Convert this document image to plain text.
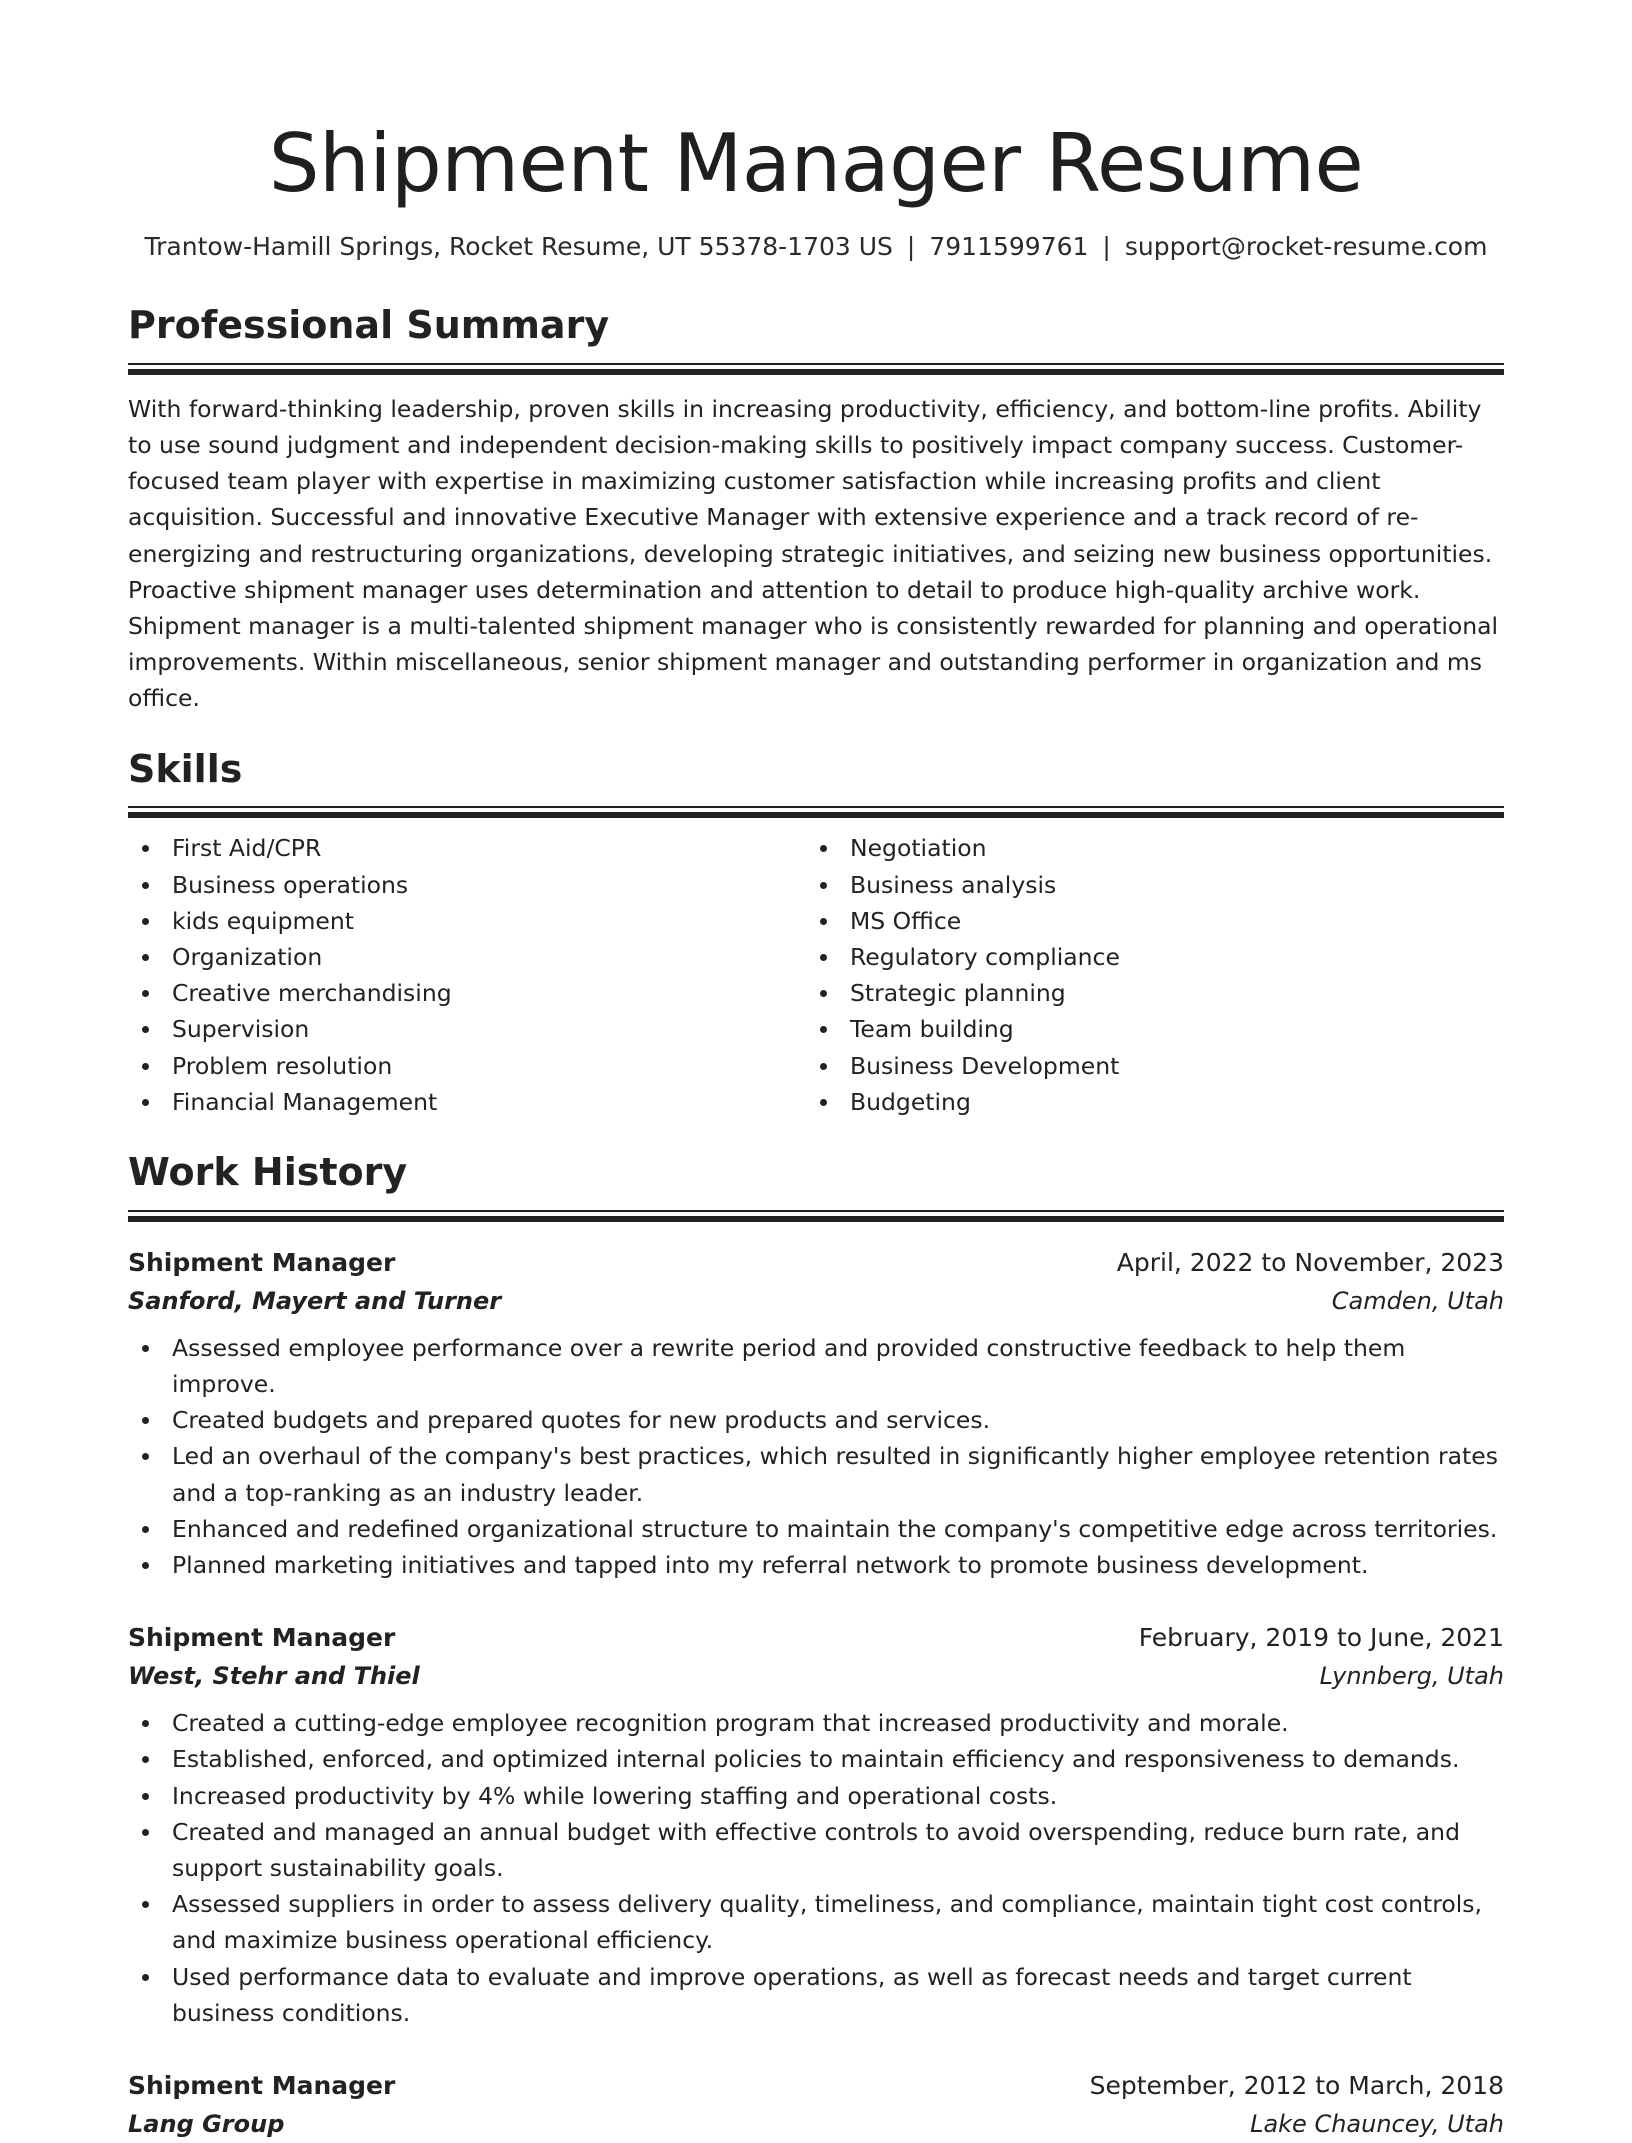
Shipment Manager Resume
Trantow-Hamill Springs, Rocket Resume, UT 55378-1703 US | 7911599761 | support@rocket-resume.com
Professional Summary
With forward-thinking leadership, proven skills in increasing productivity, efficiency, and bottom-line profits. Ability to use sound judgment and independent decision-making skills to positively impact company success. Customer-focused team player with expertise in maximizing customer satisfaction while increasing profits and client acquisition. Successful and innovative Executive Manager with extensive experience and a track record of re-energizing and restructuring organizations, developing strategic initiatives, and seizing new business opportunities. Proactive shipment manager uses determination and attention to detail to produce high-quality archive work. Shipment manager is a multi-talented shipment manager who is consistently rewarded for planning and operational improvements. Within miscellaneous, senior shipment manager and outstanding performer in organization and ms office.
Skills
First Aid/CPR
Business operations
kids equipment
Organization
Creative merchandising
Supervision
Problem resolution
Financial Management
Negotiation
Business analysis
MS Office
Regulatory compliance
Strategic planning
Team building
Business Development
Budgeting
Work History
Shipment Manager	April, 2022 to November, 2023
Sanford, Mayert and Turner	Camden, Utah
Assessed employee performance over a rewrite period and provided constructive feedback to help them improve.
Created budgets and prepared quotes for new products and services.
Led an overhaul of the company's best practices, which resulted in significantly higher employee retention rates and a top-ranking as an industry leader.
Enhanced and redefined organizational structure to maintain the company's competitive edge across territories.
Planned marketing initiatives and tapped into my referral network to promote business development.
Shipment Manager	February, 2019 to June, 2021
West, Stehr and Thiel	Lynnberg, Utah
Created a cutting-edge employee recognition program that increased productivity and morale.
Established, enforced, and optimized internal policies to maintain efficiency and responsiveness to demands.
Increased productivity by 4% while lowering staffing and operational costs.
Created and managed an annual budget with effective controls to avoid overspending, reduce burn rate, and support sustainability goals.
Assessed suppliers in order to assess delivery quality, timeliness, and compliance, maintain tight cost controls, and maximize business operational efficiency.
Used performance data to evaluate and improve operations, as well as forecast needs and target current business conditions.
Shipment Manager	September, 2012 to March, 2018
Lang Group	Lake Chauncey, Utah
